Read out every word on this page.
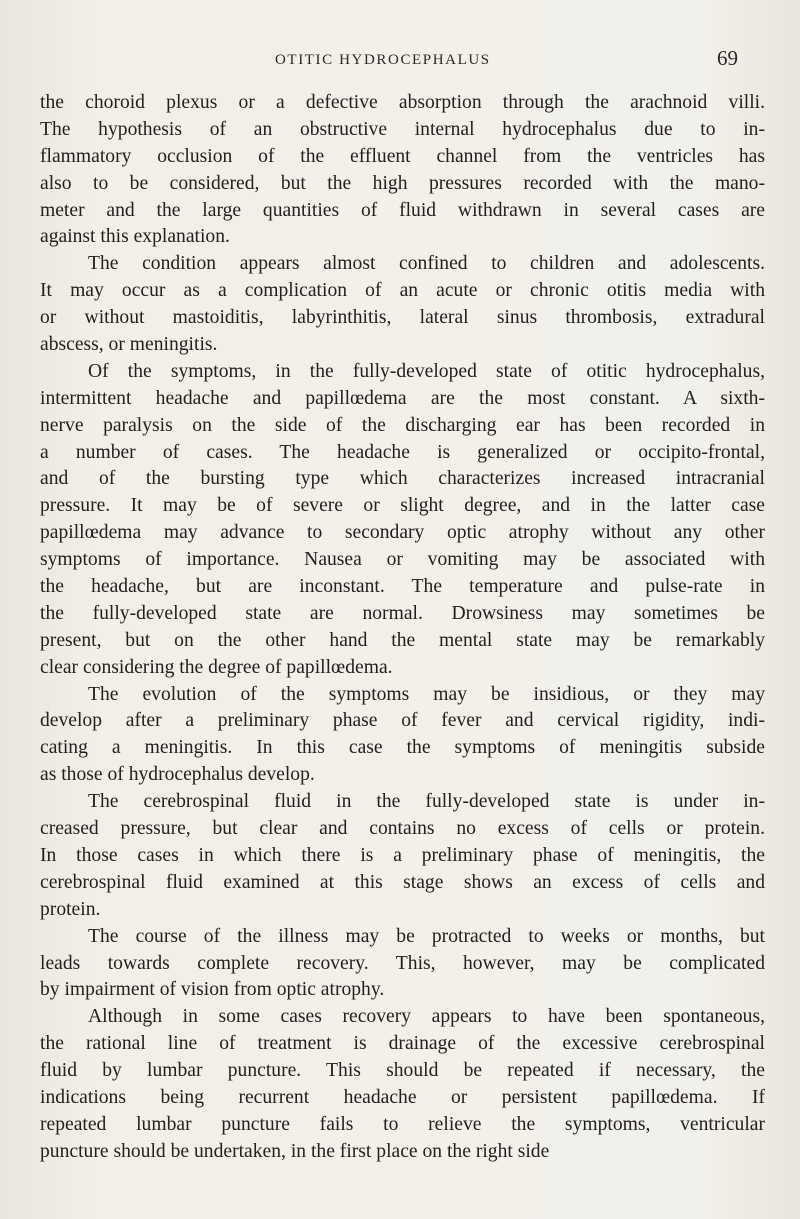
OTITIC HYDROCEPHALUS	69
the choroid plexus or a defective absorption through the arachnoid villi.
The hypothesis of an obstructive internal hydrocephalus due to in-
flammatory occlusion of the effluent channel from the ventricles has
also to be considered, but the high pressures recorded with the mano-
meter and the large quantities of fluid withdrawn in several cases are
against this explanation.
The condition appears almost confined to children and adolescents.
It may occur as a complication of an acute or chronic otitis media with
or without mastoiditis, labyrinthitis, lateral sinus thrombosis, extradural
abscess, or meningitis.
Of the symptoms, in the fully-developed state of otitic hydrocephalus,
intermittent headache and papillœdema are the most constant. A sixth-
nerve paralysis on the side of the discharging ear has been recorded in
a number of cases. The headache is generalized or occipito-frontal,
and of the bursting type which characterizes increased intracranial
pressure. It may be of severe or slight degree, and in the latter case
papillœdema may advance to secondary optic atrophy without any other
symptoms of importance. Nausea or vomiting may be associated with
the headache, but are inconstant. The temperature and pulse-rate in
the fully-developed state are normal. Drowsiness may sometimes be
present, but on the other hand the mental state may be remarkably
clear considering the degree of papillœdema.
The evolution of the symptoms may be insidious, or they may
develop after a preliminary phase of fever and cervical rigidity, indi-
cating a meningitis. In this case the symptoms of meningitis subside
as those of hydrocephalus develop.
The cerebrospinal fluid in the fully-developed state is under in-
creased pressure, but clear and contains no excess of cells or protein.
In those cases in which there is a preliminary phase of meningitis, the
cerebrospinal fluid examined at this stage shows an excess of cells and
protein.
The course of the illness may be protracted to weeks or months, but
leads towards complete recovery. This, however, may be complicated
by impairment of vision from optic atrophy.
Although in some cases recovery appears to have been spontaneous,
the rational line of treatment is drainage of the excessive cerebrospinal
fluid by lumbar puncture. This should be repeated if necessary, the
indications being recurrent headache or persistent papillœdema. If
repeated lumbar puncture fails to relieve the symptoms, ventricular
puncture should be undertaken, in the first place on the right side
